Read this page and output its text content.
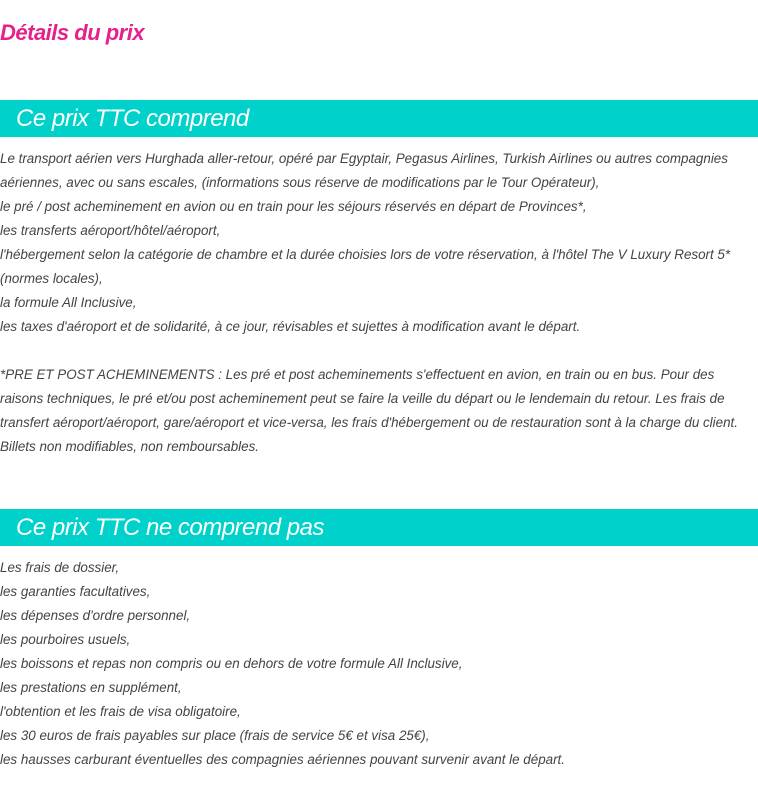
Détails du prix
Ce prix TTC comprend
Le transport aérien vers Hurghada aller-retour, opéré par Egyptair, Pegasus Airlines, Turkish Airlines ou autres compagnies aériennes, avec ou sans escales, (informations sous réserve de modifications par le Tour Opérateur),
le pré / post acheminement en avion ou en train pour les séjours réservés en départ de Provinces*,
les transferts aéroport/hôtel/aéroport,
l'hébergement selon la catégorie de chambre et la durée choisies lors de votre réservation, à l'hôtel The V Luxury Resort 5* (normes locales),
la formule All Inclusive,
les taxes d'aéroport et de solidarité, à ce jour, révisables et sujettes à modification avant le départ.
*PRE ET POST ACHEMINEMENTS : Les pré et post acheminements s'effectuent en avion, en train ou en bus. Pour des raisons techniques, le pré et/ou post acheminement peut se faire la veille du départ ou le lendemain du retour. Les frais de transfert aéroport/aéroport, gare/aéroport et vice-versa, les frais d'hébergement ou de restauration sont à la charge du client. Billets non modifiables, non remboursables.
Ce prix TTC ne comprend pas
Les frais de dossier,
les garanties facultatives,
les dépenses d'ordre personnel,
les pourboires usuels,
les boissons et repas non compris ou en dehors de votre formule All Inclusive,
les prestations en supplément,
l'obtention et les frais de visa obligatoire,
les 30 euros de frais payables sur place (frais de service 5€ et visa 25€),
les hausses carburant éventuelles des compagnies aériennes pouvant survenir avant le départ.
